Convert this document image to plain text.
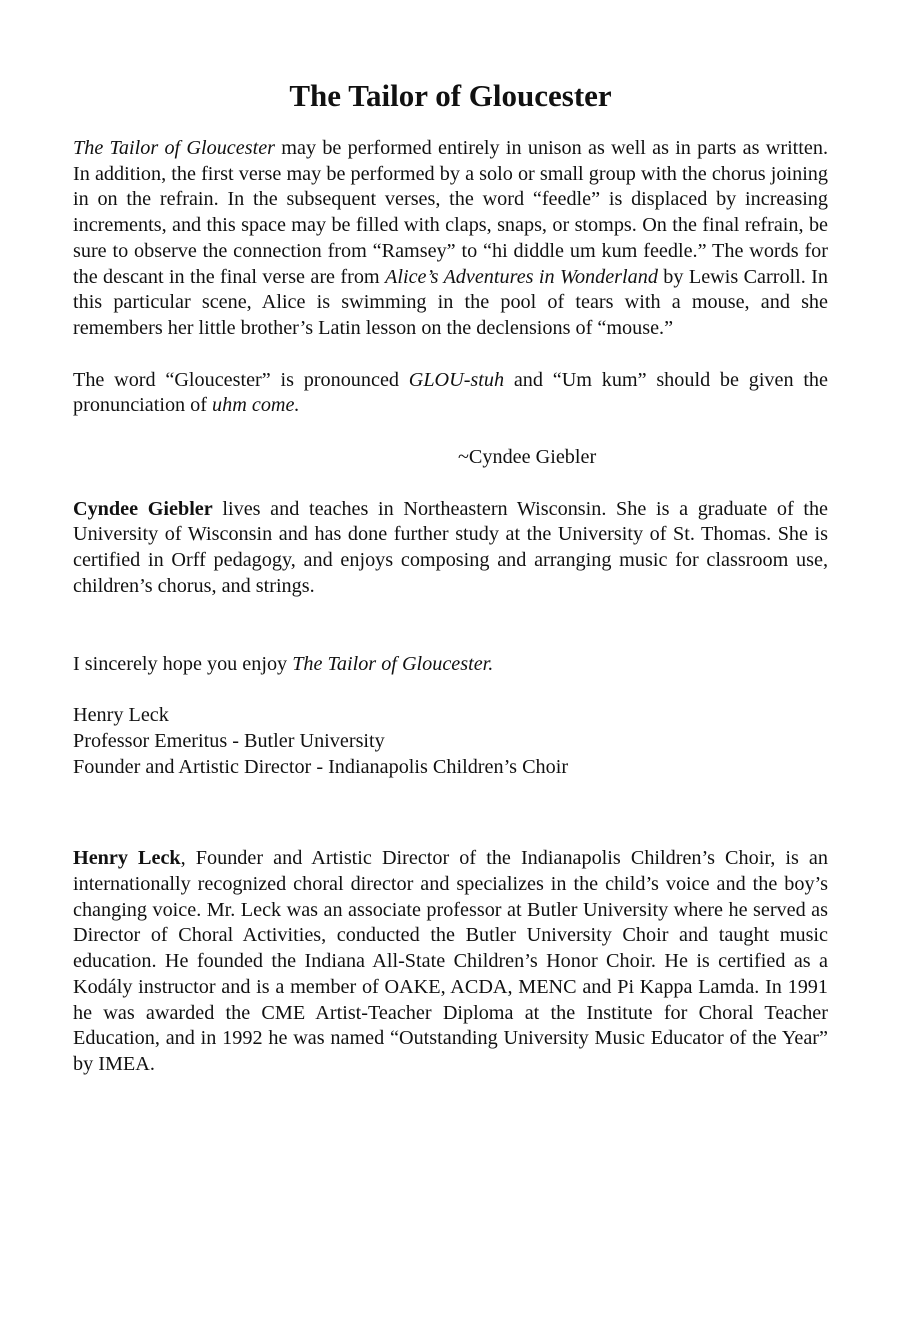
The Tailor of Gloucester

The Tailor of Gloucester may be performed entirely in unison as well as in parts as written. In addition, the first verse may be performed by a solo or small group with the chorus joining in on the refrain. In the subsequent verses, the word “feedle” is displaced by increasing increments, and this space may be filled with claps, snaps, or stomps. On the final refrain, be sure to observe the connection from “Ramsey” to “hi diddle um kum feedle.” The words for the descant in the final verse are from Alice’s Adventures in Wonderland by Lewis Carroll. In this particular scene, Alice is swimming in the pool of tears with a mouse, and she remembers her little brother’s Latin lesson on the declensions of “mouse.”

The word “Gloucester” is pronounced GLOU-stuh and “Um kum” should be given the pronunciation of uhm come.

~Cyndee Giebler

Cyndee Giebler lives and teaches in Northeastern Wisconsin. She is a graduate of the University of Wisconsin and has done further study at the University of St. Thomas. She is certified in Orff pedagogy, and enjoys composing and arranging music for classroom use, children’s chorus, and strings.

I sincerely hope you enjoy The Tailor of Gloucester.

Henry Leck
Professor Emeritus - Butler University
Founder and Artistic Director - Indianapolis Children’s Choir

Henry Leck, Founder and Artistic Director of the Indianapolis Children’s Choir, is an internationally recognized choral director and specializes in the child’s voice and the boy’s changing voice. Mr. Leck was an associate professor at Butler University where he served as Director of Choral Activities, conducted the Butler University Choir and taught music education. He founded the Indiana All-State Children’s Honor Choir. He is certified as a Kodály instructor and is a member of OAKE, ACDA, MENC and Pi Kappa Lamda. In 1991 he was awarded the CME Artist-Teacher Diploma at the Institute for Choral Teacher Education, and in 1992 he was named “Outstanding University Music Educator of the Year” by IMEA.
